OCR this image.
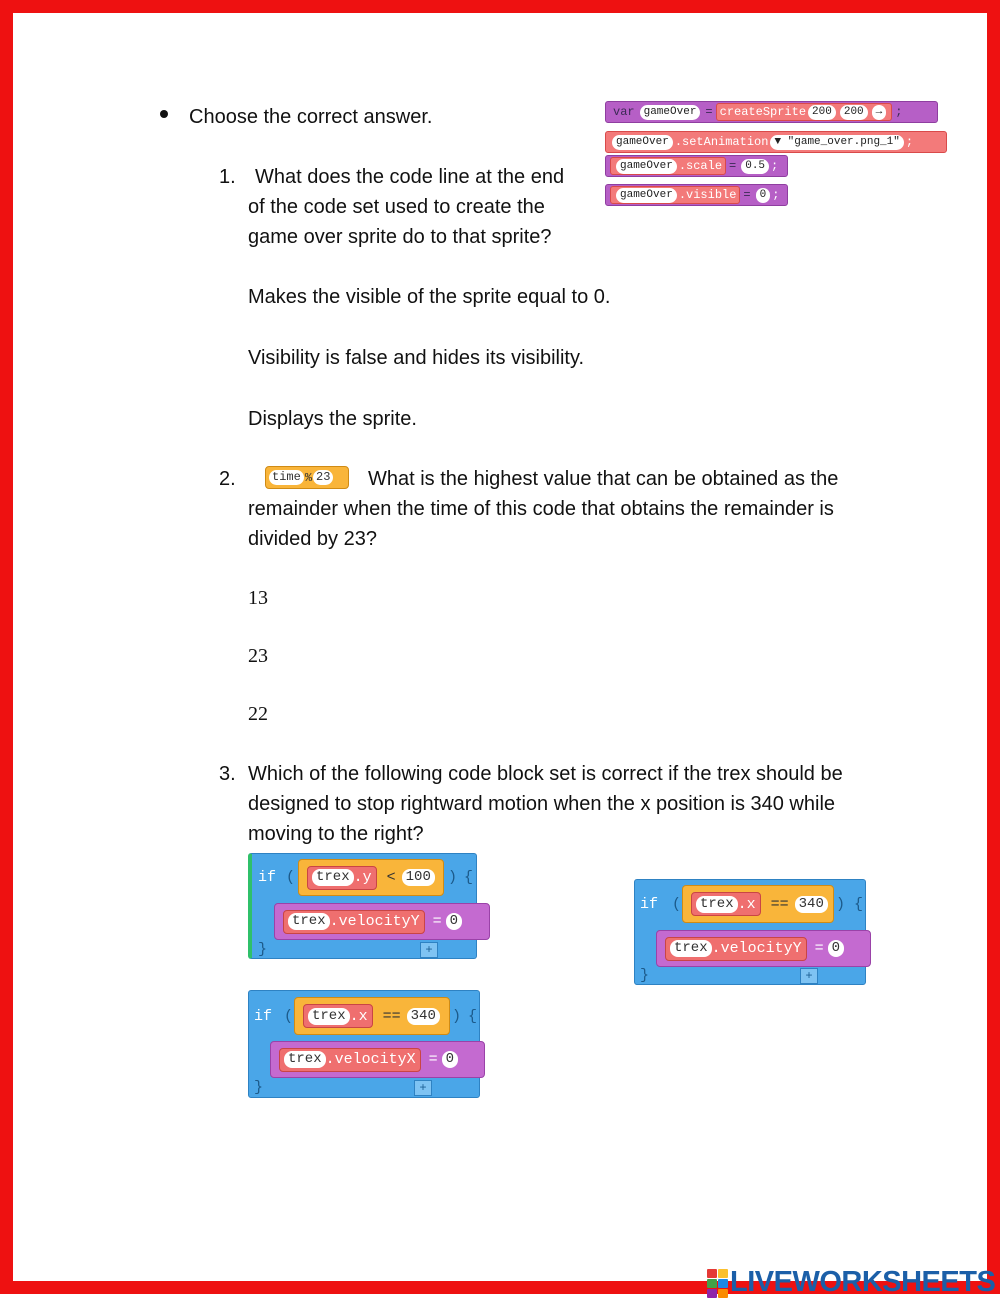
Choose the correct answer.	var gameOver = createSprite 200	200	→	;
gameOver .setAnimation ▼ "game_over.png_1" ;
gameOver .scale = 0.5 ;
gameOver .visible = 0 ;
1. What does the code line at the end
of the code set used to create the
game over sprite do to that sprite?
Makes the visible of the sprite equal to 0.
Visibility is false and hides its visibility.
Displays the sprite.
2.	time % 23 What is the highest value that can be obtained as the
remainder when the time of this code that obtains the remainder is
divided by 23?
13
23
22
3. Which of the following code block set is correct if the trex should be
designed to stop rightward motion when the x position is 340 while
moving to the right?
if ( trex .y < 100 ) {
trex .velocityY = 0
}	+
if ( trex .x == 340 ) {
trex .velocityY = 0
}	+
if ( trex .x == 340 ) {
trex .velocityX = 0
}	+
LIVEWORKSHEETS
